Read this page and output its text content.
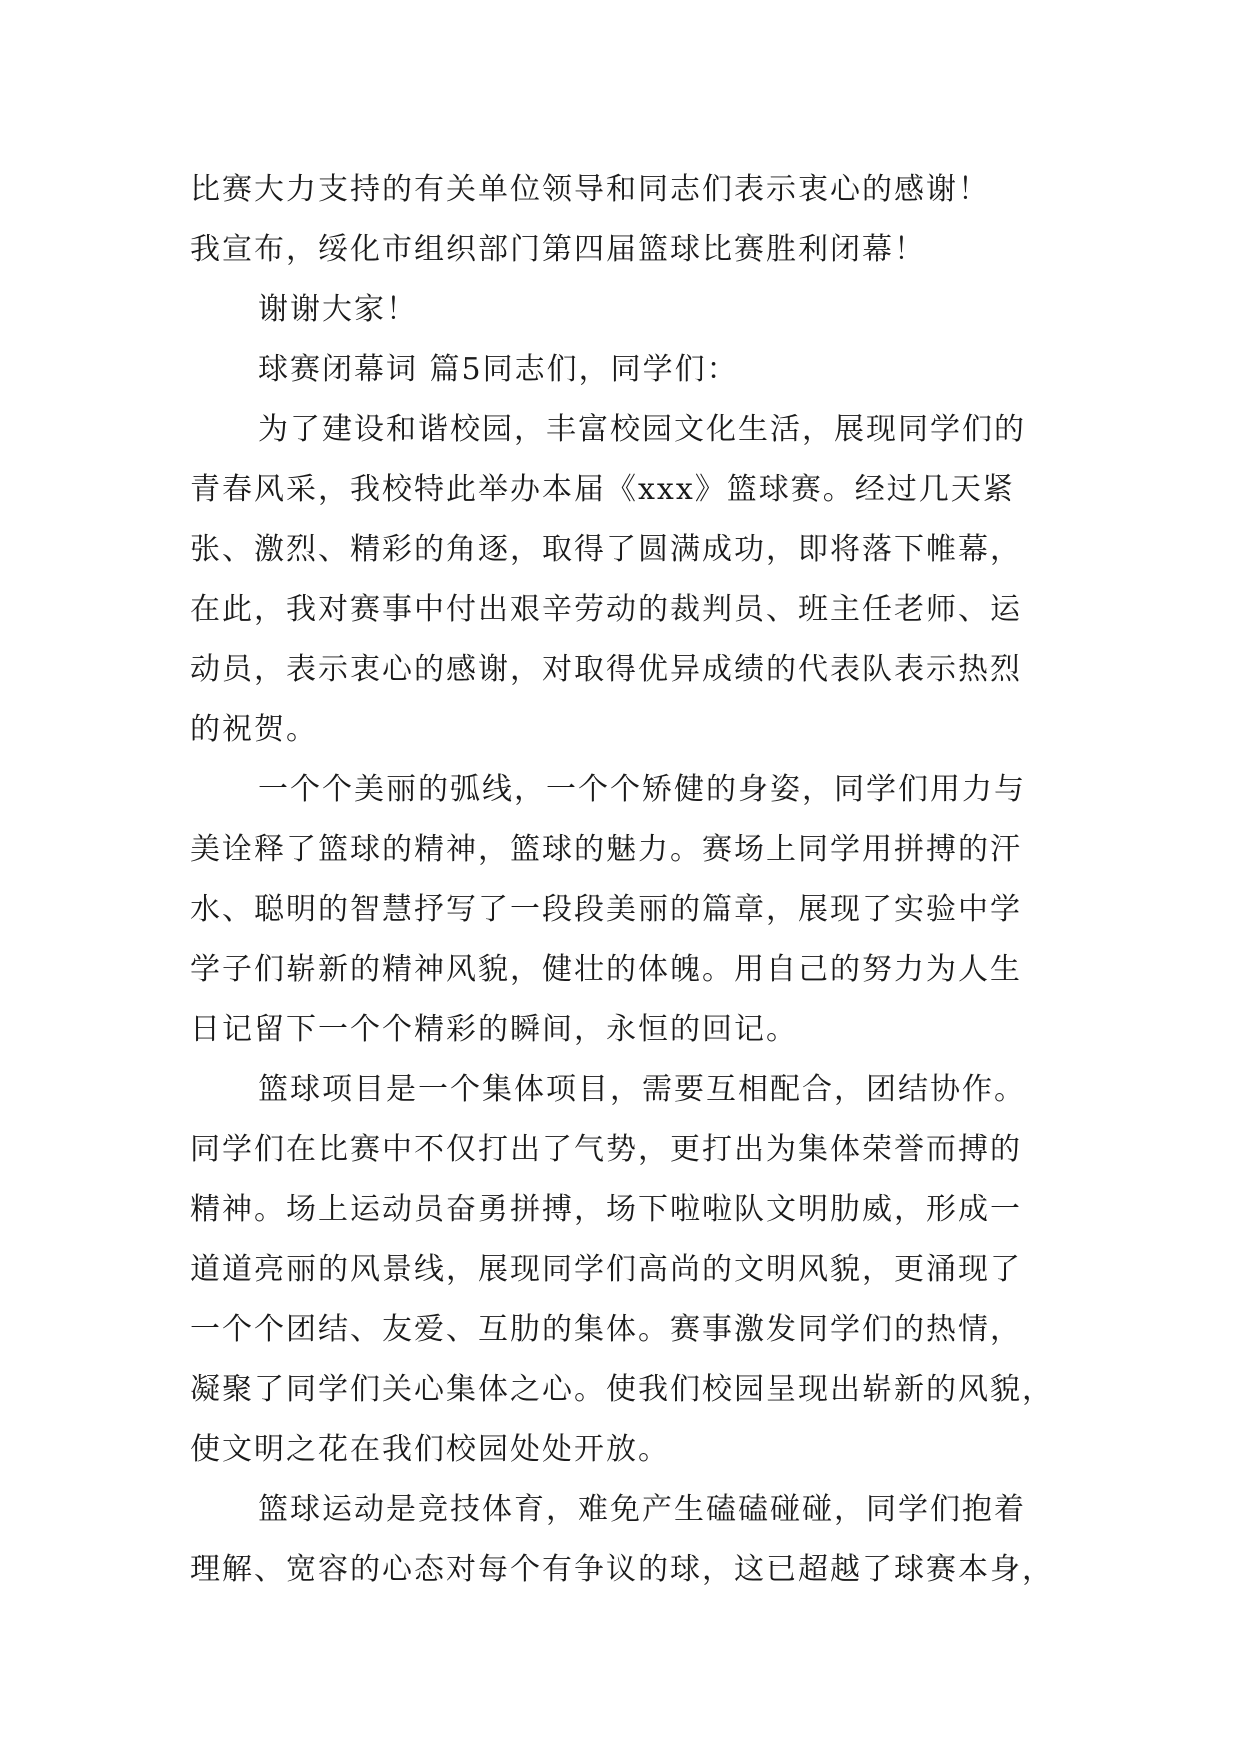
比赛大力支持的有关单位领导和同志们表示衷心的感谢！
我宣布，绥化市组织部门第四届篮球比赛胜利闭幕！
谢谢大家！
球赛闭幕词 篇5同志们，同学们：
为了建设和谐校园，丰富校园文化生活，展现同学们的
青春风采，我校特此举办本届《xxx》篮球赛。经过几天紧
张、激烈、精彩的角逐，取得了圆满成功，即将落下帷幕，
在此，我对赛事中付出艰辛劳动的裁判员、班主任老师、运
动员，表示衷心的感谢，对取得优异成绩的代表队表示热烈
的祝贺。
一个个美丽的弧线，一个个矫健的身姿，同学们用力与
美诠释了篮球的精神，篮球的魅力。赛场上同学用拼搏的汗
水、聪明的智慧抒写了一段段美丽的篇章，展现了实验中学
学子们崭新的精神风貌，健壮的体魄。用自己的努力为人生
日记留下一个个精彩的瞬间，永恒的回记。
篮球项目是一个集体项目，需要互相配合，团结协作。
同学们在比赛中不仅打出了气势，更打出为集体荣誉而搏的
精神。场上运动员奋勇拼搏，场下啦啦队文明肋威，形成一
道道亮丽的风景线，展现同学们高尚的文明风貌，更涌现了
一个个团结、友爱、互肋的集体。赛事激发同学们的热情，
凝聚了同学们关心集体之心。使我们校园呈现出崭新的风貌，
使文明之花在我们校园处处开放。
篮球运动是竞技体育，难免产生磕磕碰碰，同学们抱着
理解、宽容的心态对每个有争议的球，这已超越了球赛本身，
